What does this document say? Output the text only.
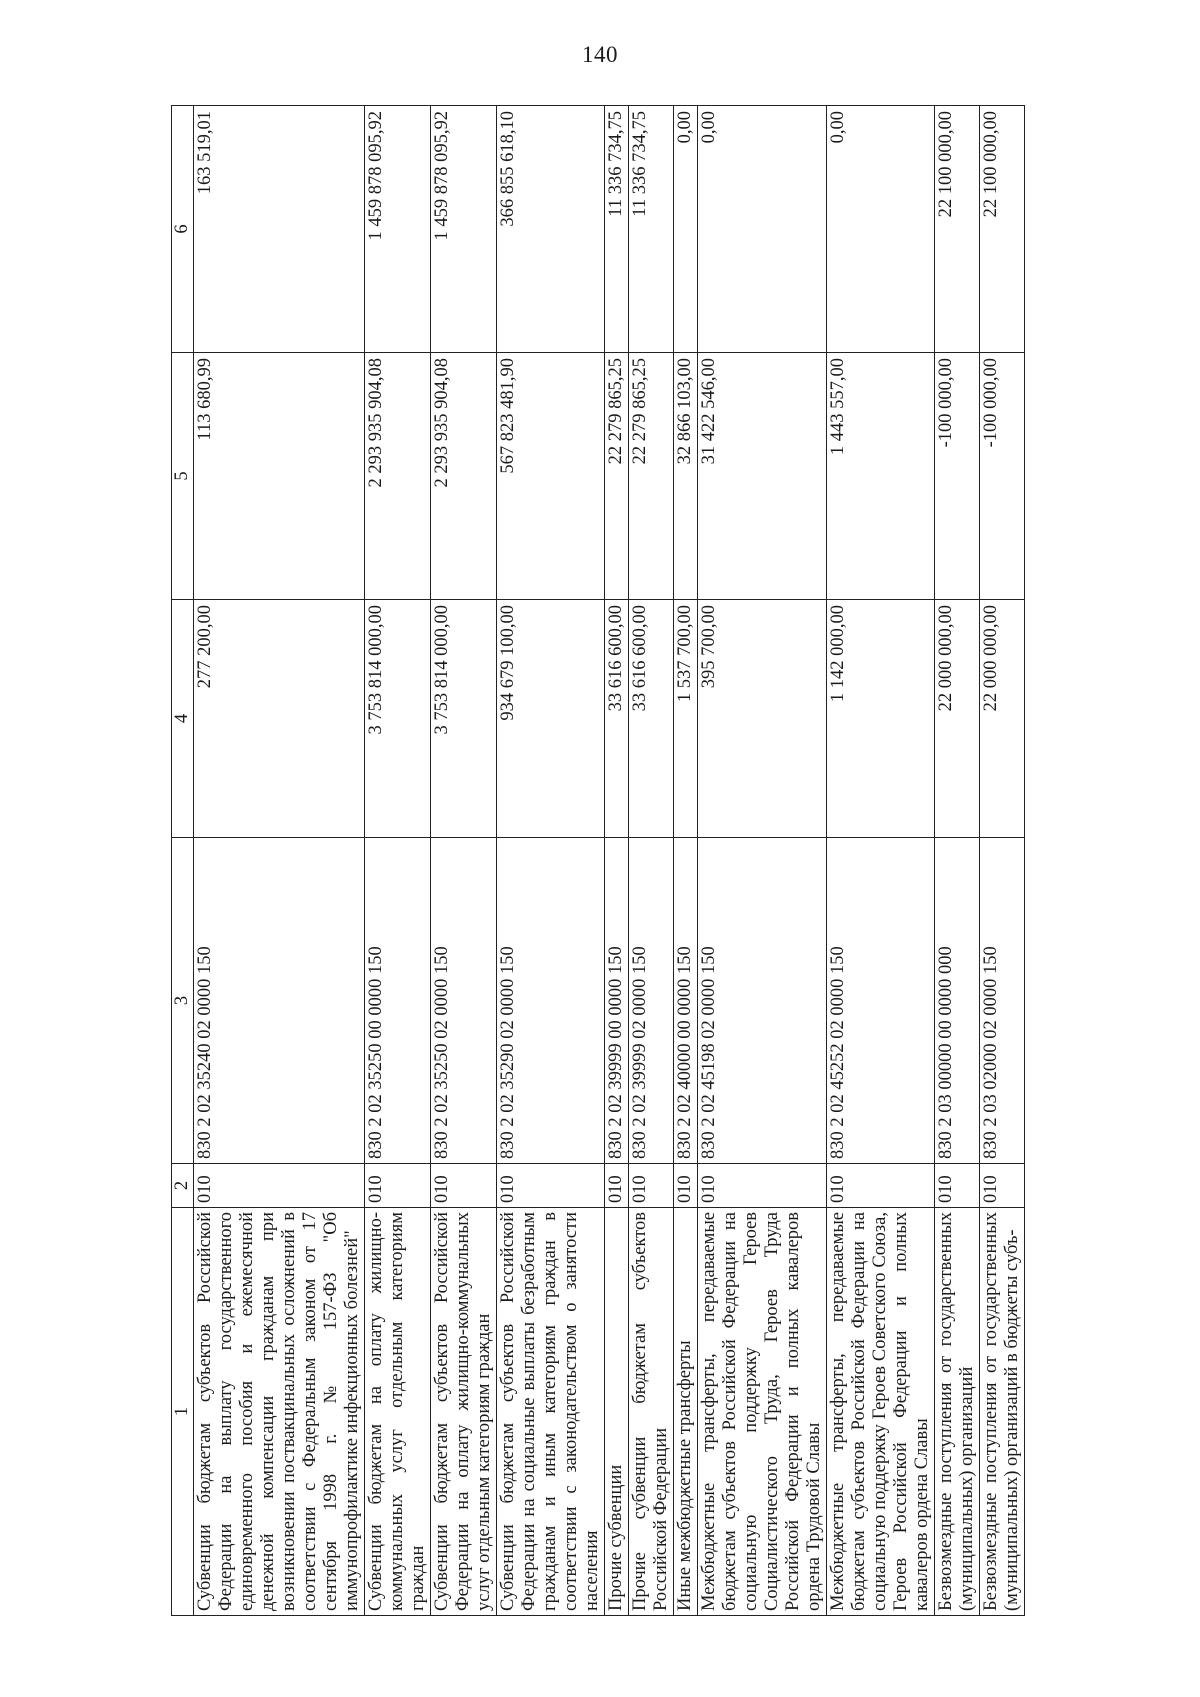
140
1	2	3	4	5	6
Субвенции бюджетам субъектов Российской Федерации на выплату государственного единовременного пособия и ежемесячной денежной компенсации гражданам при возникновении поствакцинальных осложнений в соответствии с Федеральным законом от 17 сентября 1998 г. № 157-ФЗ "Об иммунопрофилактике инфекционных болезней"	010	830 2 02 35240 02 0000 150	277 200,00	113 680,99	163 519,01
Субвенции бюджетам на оплату жилищно-коммунальных услуг отдельным категориям граждан	010	830 2 02 35250 00 0000 150	3 753 814 000,00	2 293 935 904,08	1 459 878 095,92
Субвенции бюджетам субъектов Российской Федерации на оплату жилищно-коммунальных услуг отдельным категориям граждан	010	830 2 02 35250 02 0000 150	3 753 814 000,00	2 293 935 904,08	1 459 878 095,92
Субвенции бюджетам субъектов Российской Федерации на социальные выплаты безработным гражданам и иным категориям граждан в соответствии с законодательством о занятости населения	010	830 2 02 35290 02 0000 150	934 679 100,00	567 823 481,90	366 855 618,10
Прочие субвенции	010	830 2 02 39999 00 0000 150	33 616 600,00	22 279 865,25	11 336 734,75
Прочие субвенции бюджетам субъектов Российской Федерации	010	830 2 02 39999 02 0000 150	33 616 600,00	22 279 865,25	11 336 734,75
Иные межбюджетные трансферты	010	830 2 02 40000 00 0000 150	1 537 700,00	32 866 103,00	0,00
Межбюджетные трансферты, передаваемые бюджетам субъектов Российской Федерации на социальную поддержку Героев Социалистического Труда, Героев Труда Российской Федерации и полных кавалеров ордена Трудовой Славы	010	830 2 02 45198 02 0000 150	395 700,00	31 422 546,00	0,00
Межбюджетные трансферты, передаваемые бюджетам субъектов Российской Федерации на социальную поддержку Героев Советского Союза, Героев Российской Федерации и полных кавалеров ордена Славы	010	830 2 02 45252 02 0000 150	1 142 000,00	1 443 557,00	0,00
Безвозмездные поступления от государственных (муниципальных) организаций	010	830 2 03 00000 00 0000 000	22 000 000,00	-100 000,00	22 100 000,00
Безвозмездные поступления от государственных (муниципальных) организаций в бюджеты субъ-	010	830 2 03 02000 02 0000 150	22 000 000,00	-100 000,00	22 100 000,00
